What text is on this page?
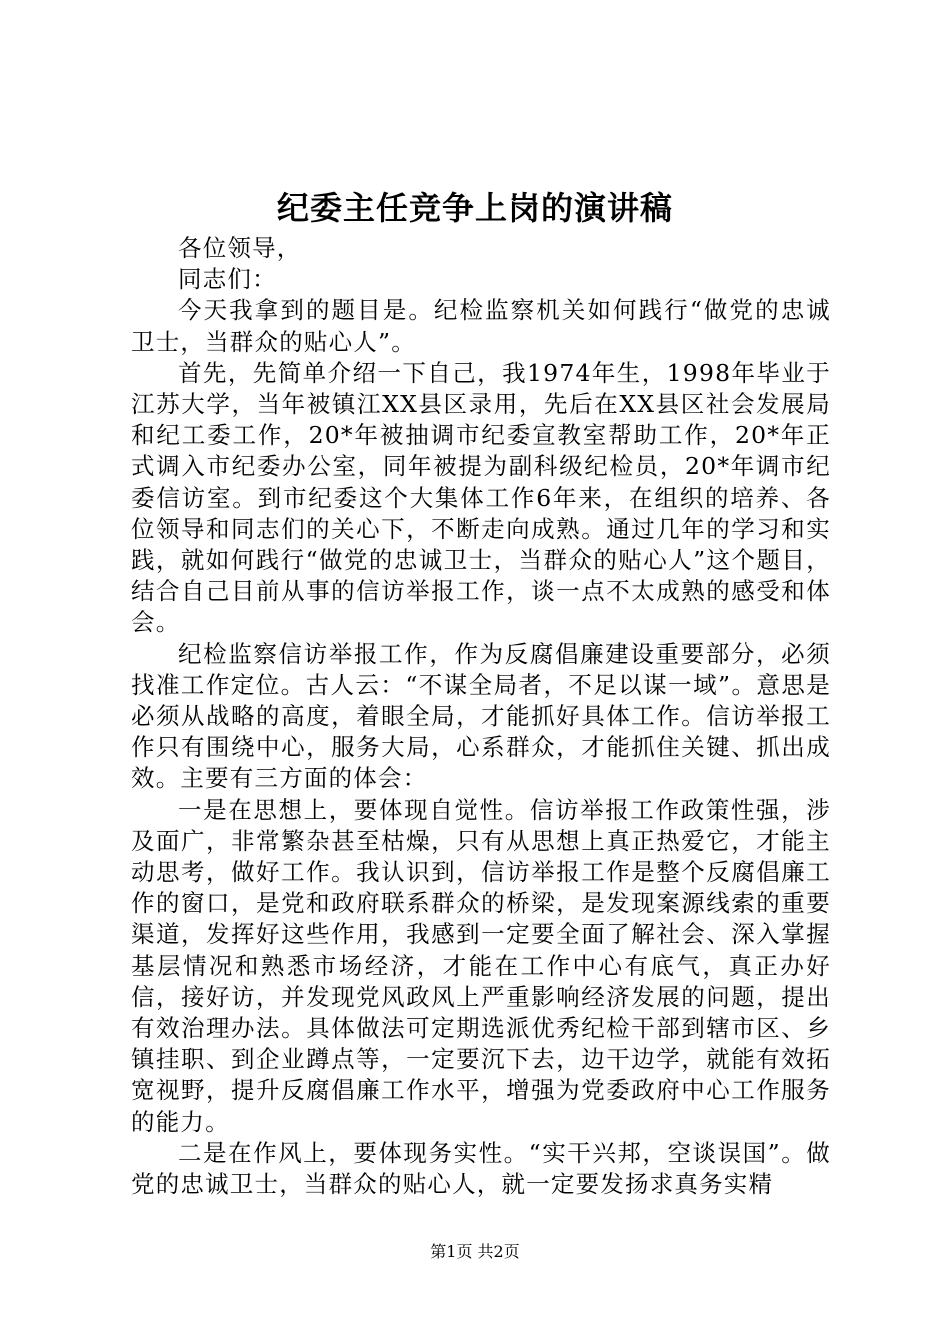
纪委主任竞争上岗的演讲稿

各位领导，

同志们：

今天我拿到的题目是。纪检监察机关如何践行“做党的忠诚卫士，当群众的贴心人”。

首先，先简单介绍一下自己，我1974年生，1998年毕业于江苏大学，当年被镇江XX县区录用，先后在XX县区社会发展局和纪工委工作，20*年被抽调市纪委宣教室帮助工作，20*年正式调入市纪委办公室，同年被提为副科级纪检员，20*年调市纪委信访室。到市纪委这个大集体工作6年来，在组织的培养、各位领导和同志们的关心下，不断走向成熟。通过几年的学习和实践，就如何践行“做党的忠诚卫士，当群众的贴心人”这个题目，结合自己目前从事的信访举报工作，谈一点不太成熟的感受和体会。

纪检监察信访举报工作，作为反腐倡廉建设重要部分，必须找准工作定位。古人云：“不谋全局者，不足以谋一域”。意思是必须从战略的高度，着眼全局，才能抓好具体工作。信访举报工作只有围绕中心，服务大局，心系群众，才能抓住关键、抓出成效。主要有三方面的体会：

一是在思想上，要体现自觉性。信访举报工作政策性强，涉及面广，非常繁杂甚至枯燥，只有从思想上真正热爱它，才能主动思考，做好工作。我认识到，信访举报工作是整个反腐倡廉工作的窗口，是党和政府联系群众的桥梁，是发现案源线索的重要渠道，发挥好这些作用，我感到一定要全面了解社会、深入掌握基层情况和熟悉市场经济，才能在工作中心有底气，真正办好信，接好访，并发现党风政风上严重影响经济发展的问题，提出有效治理办法。具体做法可定期选派优秀纪检干部到辖市区、乡镇挂职、到企业蹲点等，一定要沉下去，边干边学，就能有效拓宽视野，提升反腐倡廉工作水平，增强为党委政府中心工作服务的能力。

二是在作风上，要体现务实性。“实干兴邦，空谈误国”。做党的忠诚卫士，当群众的贴心人，就一定要发扬求真务实精

第1页 共2页
